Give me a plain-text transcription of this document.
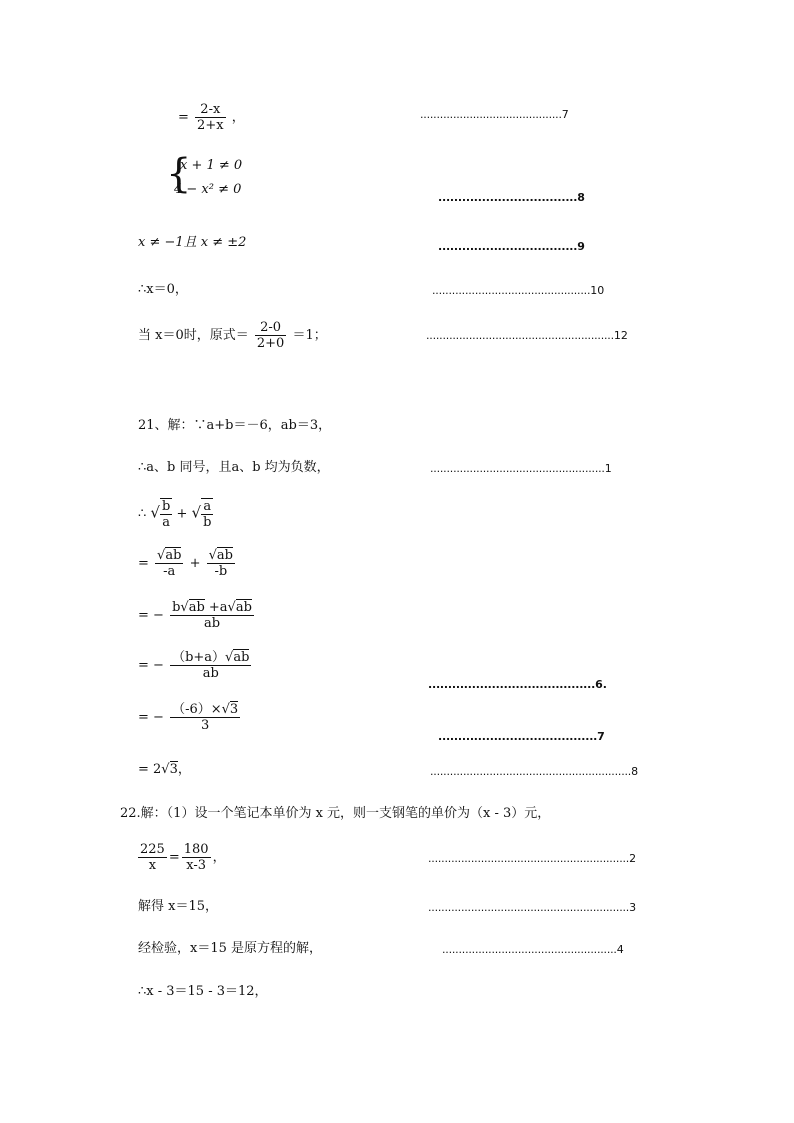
= $\frac{2-x}{2+x}$ ，	...........................................7
{
x + 1 ≠ 0
4 − x² ≠ 0
...................................8
x ≠ −1且 x ≠ ±2	...................................9
∴x＝0，	................................................10
当 x＝0时，原式＝ $\frac{2-0}{2+0} =1$；	.........................................................12
21、解：∵a+b＝－6，ab＝3，
∴a、b 同号，且a、b 均为负数，	.....................................................1
∴ √ $\frac{b}{a}$ + √ $\frac{a}{b}$
= $\frac{√ab}{-a} + \frac{√ab}{-b}$
= − $\frac{b√ab +a√ab}{ab}$
= − $\frac{(b+a)√ab}{ab}$
..........................................6.
= − $\frac{(-6)\times√3}{3}$
........................................7
= 2√3，	.............................................................8
22.解：（1）设一个笔记本单价为 x 元，则一支钢笔的单价为（x - 3）元，
$\frac{225}{x} = \frac{180}{x-3}$ ，	.............................................................2
解得 x＝15，	.............................................................3
经检验，x＝15 是原方程的解，	.....................................................4
∴x - 3＝15 - 3＝12，
